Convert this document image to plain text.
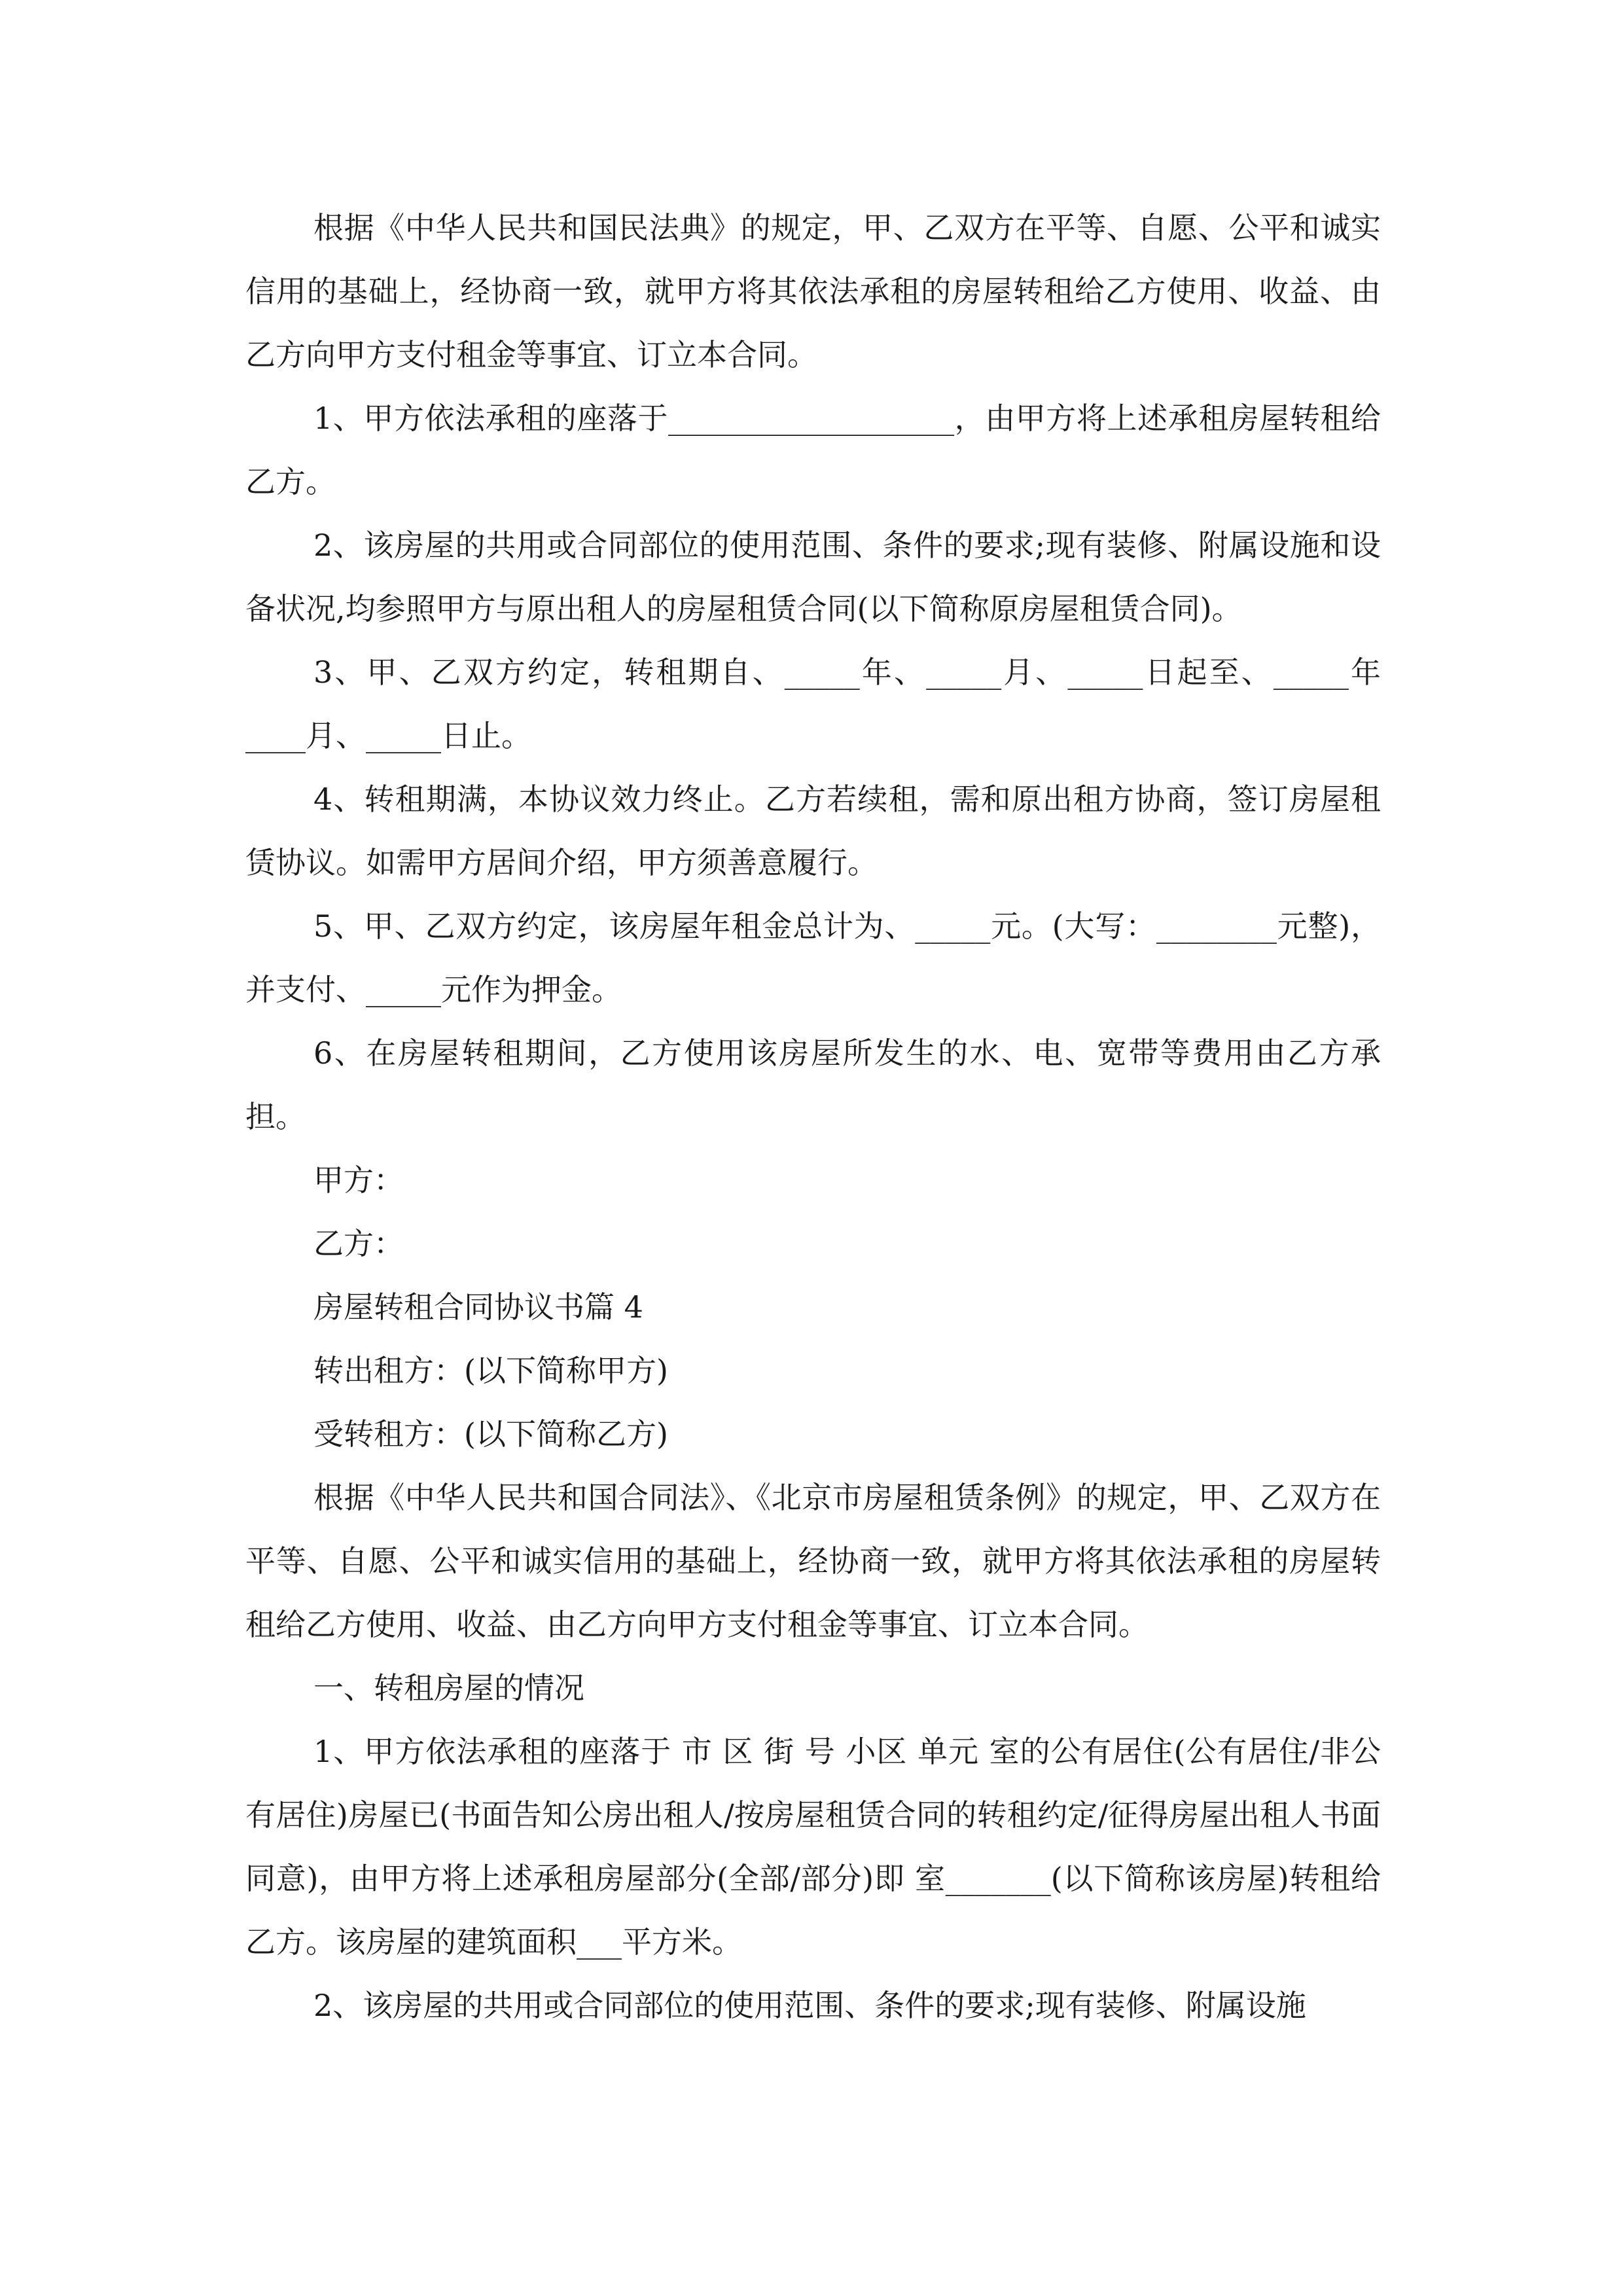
根据《中华人民共和国民法典》的规定，甲、乙双方在平等、自愿、公平和诚实信用的基础上，经协商一致，就甲方将其依法承租的房屋转租给乙方使用、收益、由乙方向甲方支付租金等事宜、订立本合同。

1、甲方依法承租的座落于___________________，由甲方将上述承租房屋转租给乙方。

2、该房屋的共用或合同部位的使用范围、条件的要求;现有装修、附属设施和设备状况,均参照甲方与原出租人的房屋租赁合同(以下简称原房屋租赁合同)。

3、甲、乙双方约定，转租期自、_____年、_____月、_____日起至、_____年____月、_____日止。

4、转租期满，本协议效力终止。乙方若续租，需和原出租方协商，签订房屋租赁协议。如需甲方居间介绍，甲方须善意履行。

5、甲、乙双方约定，该房屋年租金总计为、_____元。(大写：________元整)，并支付、_____元作为押金。

6、在房屋转租期间，乙方使用该房屋所发生的水、电、宽带等费用由乙方承担。

甲方：

乙方：

房屋转租合同协议书篇 4

转出租方：(以下简称甲方)

受转租方：(以下简称乙方)

根据《中华人民共和国合同法》、《北京市房屋租赁条例》的规定，甲、乙双方在平等、自愿、公平和诚实信用的基础上，经协商一致，就甲方将其依法承租的房屋转租给乙方使用、收益、由乙方向甲方支付租金等事宜、订立本合同。

一、转租房屋的情况

1、甲方依法承租的座落于 市 区 街 号 小区 单元 室的公有居住(公有居住/非公有居住)房屋已(书面告知公房出租人/按房屋租赁合同的转租约定/征得房屋出租人书面同意)，由甲方将上述承租房屋部分(全部/部分)即 室_______(以下简称该房屋)转租给乙方。该房屋的建筑面积___平方米。

2、该房屋的共用或合同部位的使用范围、条件的要求;现有装修、附属设施
